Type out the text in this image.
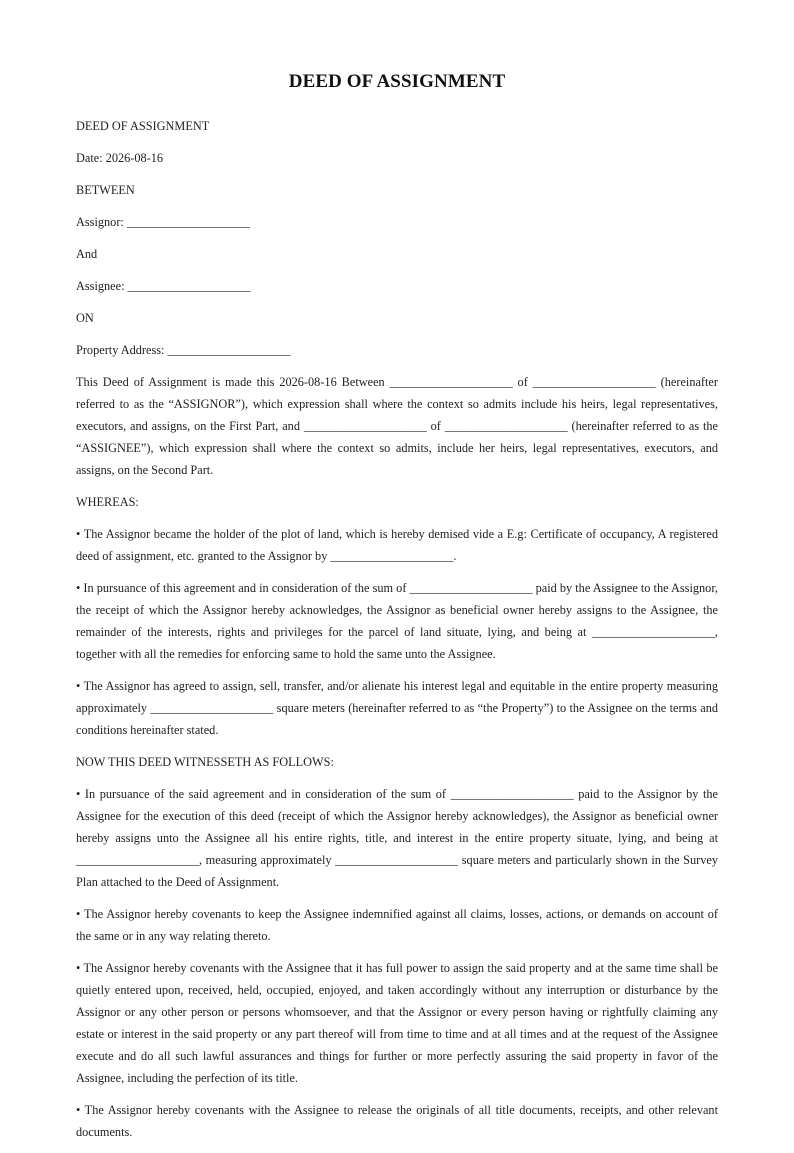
DEED OF ASSIGNMENT

DEED OF ASSIGNMENT

Date: 2026-08-16

BETWEEN

Assignor: ____________________

And

Assignee: ____________________

ON

Property Address: ____________________

This Deed of Assignment is made this 2026-08-16 Between ____________________ of ____________________ (hereinafter referred to as the “ASSIGNOR”), which expression shall where the context so admits include his heirs, legal representatives, executors, and assigns, on the First Part, and ____________________ of ____________________ (hereinafter referred to as the “ASSIGNEE”), which expression shall where the context so admits, include her heirs, legal representatives, executors, and assigns, on the Second Part.

WHEREAS:

• The Assignor became the holder of the plot of land, which is hereby demised vide a E.g: Certificate of occupancy, A registered deed of assignment, etc. granted to the Assignor by ____________________.

• In pursuance of this agreement and in consideration of the sum of ____________________ paid by the Assignee to the Assignor, the receipt of which the Assignor hereby acknowledges, the Assignor as beneficial owner hereby assigns to the Assignee, the remainder of the interests, rights and privileges for the parcel of land situate, lying, and being at ____________________, together with all the remedies for enforcing same to hold the same unto the Assignee.

• The Assignor has agreed to assign, sell, transfer, and/or alienate his interest legal and equitable in the entire property measuring approximately ____________________ square meters (hereinafter referred to as “the Property”) to the Assignee on the terms and conditions hereinafter stated.

NOW THIS DEED WITNESSETH AS FOLLOWS:

• In pursuance of the said agreement and in consideration of the sum of ____________________ paid to the Assignor by the Assignee for the execution of this deed (receipt of which the Assignor hereby acknowledges), the Assignor as beneficial owner hereby assigns unto the Assignee all his entire rights, title, and interest in the entire property situate, lying, and being at ____________________, measuring approximately ____________________ square meters and particularly shown in the Survey Plan attached to the Deed of Assignment.

• The Assignor hereby covenants to keep the Assignee indemnified against all claims, losses, actions, or demands on account of the same or in any way relating thereto.

• The Assignor hereby covenants with the Assignee that it has full power to assign the said property and at the same time shall be quietly entered upon, received, held, occupied, enjoyed, and taken accordingly without any interruption or disturbance by the Assignor or any other person or persons whomsoever, and that the Assignor or every person having or rightfully claiming any estate or interest in the said property or any part thereof will from time to time and at all times and at the request of the Assignee execute and do all such lawful assurances and things for further or more perfectly assuring the said property in favor of the Assignee, including the perfection of its title.

• The Assignor hereby covenants with the Assignee to release the originals of all title documents, receipts, and other relevant documents.
